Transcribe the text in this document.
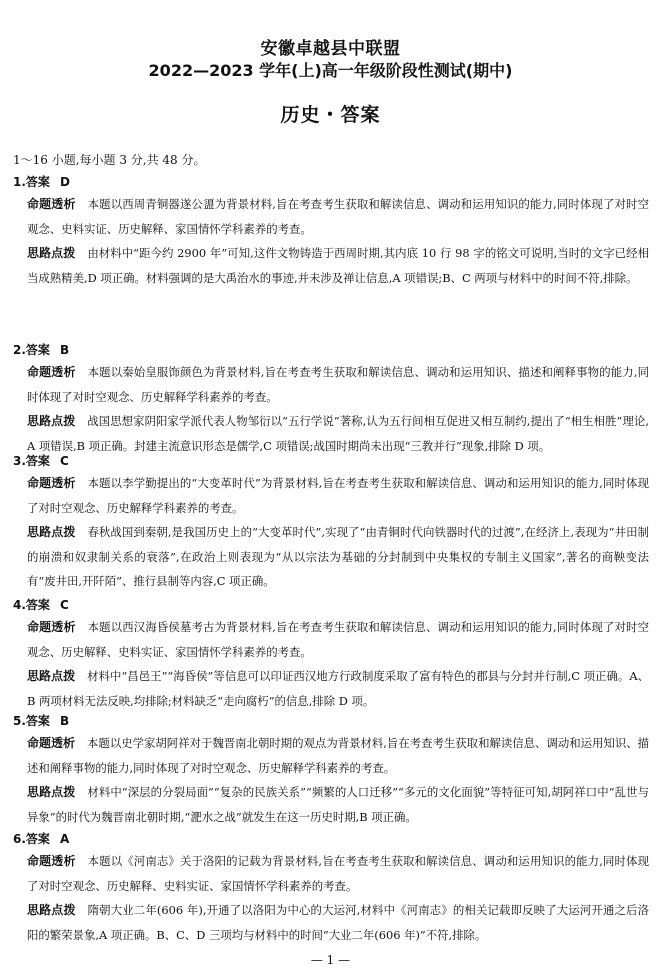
安徽卓越县中联盟
2022—2023 学年(上)高一年级阶段性测试(期中)
历史・答案
1～16 小题,每小题 3 分,共 48 分。
1.答案 D
命题透析 本题以西周青铜器遂公盨为背景材料,旨在考查考生获取和解读信息、调动和运用知识的能力,同时体现了对时空观念、史料实证、历史解释、家国情怀学科素养的考查。
思路点拨 由材料中“距今约 2900 年”可知,这件文物铸造于西周时期,其内底 10 行 98 字的铭文可说明,当时的文字已经相当成熟精美,D 项正确。材料强调的是大禹治水的事迹,并未涉及禅让信息,A 项错误;B、C 两项与材料中的时间不符,排除。
2.答案 B
命题透析 本题以秦始皇服饰颜色为背景材料,旨在考查考生获取和解读信息、调动和运用知识、描述和阐释事物的能力,同时体现了对时空观念、历史解释学科素养的考查。
思路点拨 战国思想家阴阳家学派代表人物邹衍以“五行学说”著称,认为五行间相互促进又相互制约,提出了“相生相胜”理论,A 项错误,B 项正确。封建主流意识形态是儒学,C 项错误;战国时期尚未出现“三教并行”现象,排除 D 项。
3.答案 C
命题透析 本题以李学勤提出的“大变革时代”为背景材料,旨在考查考生获取和解读信息、调动和运用知识的能力,同时体现了对时空观念、历史解释学科素养的考查。
思路点拨 春秋战国到秦朝,是我国历史上的“大变革时代”,实现了“由青铜时代向铁器时代的过渡”,在经济上,表现为“井田制的崩溃和奴隶制关系的衰落”,在政治上则表现为“从以宗法为基础的分封制到中央集权的专制主义国家”,著名的商鞅变法有“废井田,开阡陌”、推行县制等内容,C 项正确。
4.答案 C
命题透析 本题以西汉海昏侯墓考古为背景材料,旨在考查考生获取和解读信息、调动和运用知识的能力,同时体现了对时空观念、历史解释、史料实证、家国情怀学科素养的考查。
思路点拨 材料中“昌邑王”“海昏侯”等信息可以印证西汉地方行政制度采取了富有特色的郡县与分封并行制,C 项正确。A、B 两项材料无法反映,均排除;材料缺乏“走向腐朽”的信息,排除 D 项。
5.答案 B
命题透析 本题以史学家胡阿祥对于魏晋南北朝时期的观点为背景材料,旨在考查考生获取和解读信息、调动和运用知识、描述和阐释事物的能力,同时体现了对时空观念、历史解释学科素养的考查。
思路点拨 材料中“深层的分裂局面”“复杂的民族关系”“频繁的人口迁移”“多元的文化面貌”等特征可知,胡阿祥口中“乱世与异象”的时代为魏晋南北朝时期,“淝水之战”就发生在这一历史时期,B 项正确。
6.答案 A
命题透析 本题以《河南志》关于洛阳的记载为背景材料,旨在考查考生获取和解读信息、调动和运用知识的能力,同时体现了对时空观念、历史解释、史料实证、家国情怀学科素养的考查。
思路点拨 隋朝大业二年(606 年),开通了以洛阳为中心的大运河,材料中《河南志》的相关记载即反映了大运河开通之后洛阳的繁荣景象,A 项正确。B、C、D 三项均与材料中的时间“大业二年(606 年)”不符,排除。
— 1 —
